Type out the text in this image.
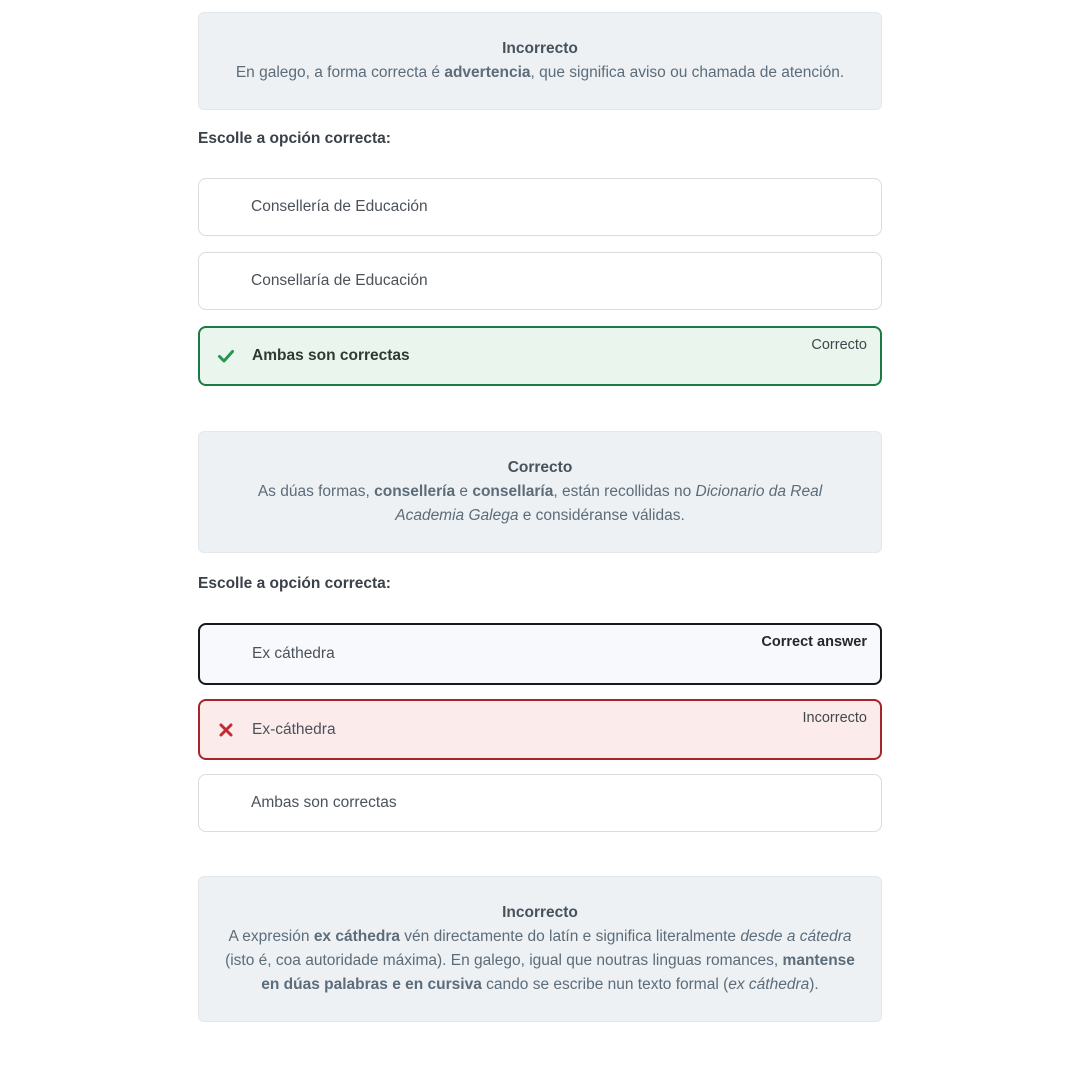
Incorrecto
En galego, a forma correcta é advertencia, que significa aviso ou chamada de atención.
Escolle a opción correcta:
Consellería de Educación
Consellaría de Educación
Ambas son correctas
Correcto
Correcto
As dúas formas, consellería e consellaría, están recollidas no Dicionario da Real Academia Galega e considéranse válidas.
Escolle a opción correcta:
Ex cáthedra
Correct answer
Ex-cáthedra
Incorrecto
Ambas son correctas
Incorrecto
A expresión ex cáthedra vén directamente do latín e significa literalmente desde a cátedra (isto é, coa autoridade máxima). En galego, igual que noutras linguas romances, mantense en dúas palabras e en cursiva cando se escribe nun texto formal (ex cáthedra).
